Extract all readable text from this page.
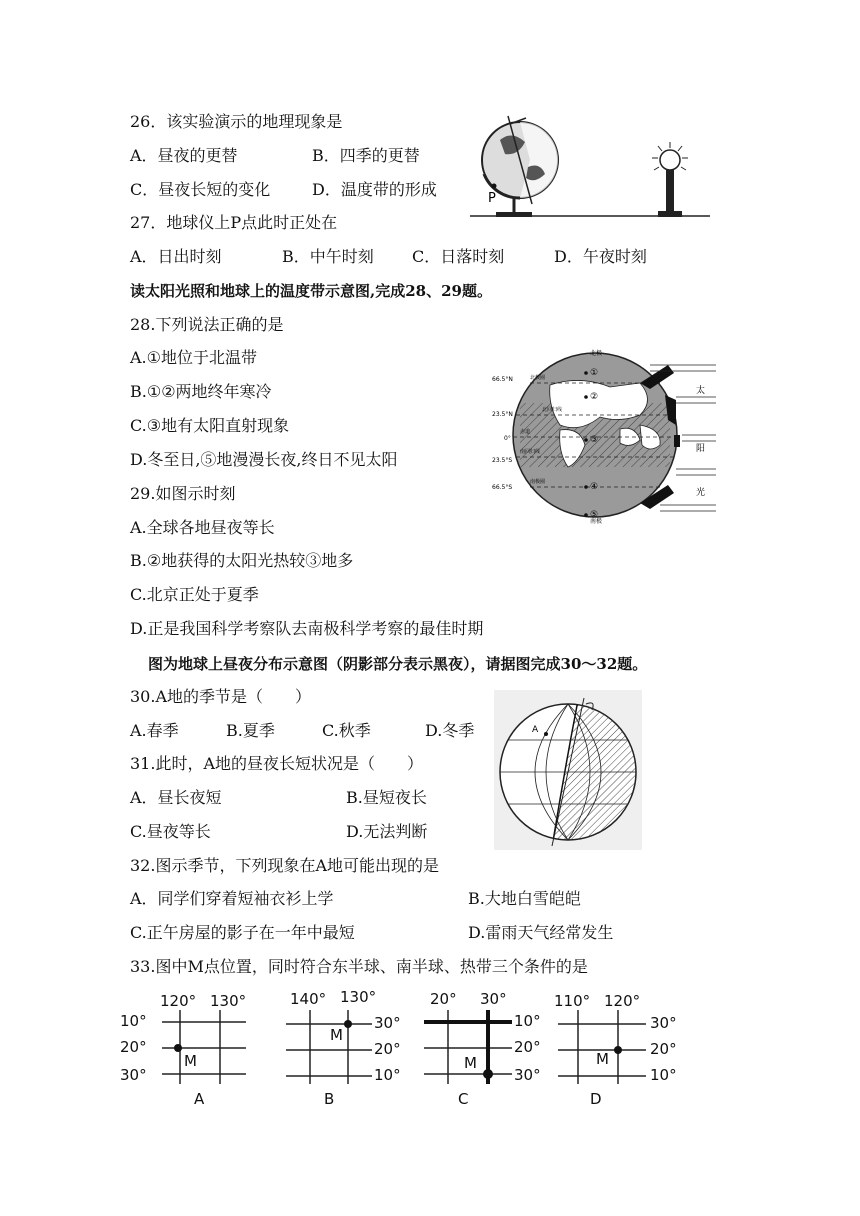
26．该实验演示的地理现象是
A．昼夜的更替	B．四季的更替
C．昼夜长短的变化	D．温度带的形成	P
27．地球仪上P点此时正处在
A．日出时刻	B．中午时刻 C．日落时刻	D．午夜时刻
读太阳光照和地球上的温度带示意图,完成28、29题。
28.下列说法正确的是
A.①地位于北温带
B.①②两地终年寒冷
C.③地有太阳直射现象
D.冬至日,⑤地漫漫长夜,终日不见太阳
北极
南极
66.5°N
23.5°N
0°
23.5°S
66.5°S
北极圈
北回归线
赤道
南回归线
南极圈
①
②
③
④
⑤
太
阳
光
29.如图示时刻
A.全球各地昼夜等长
B.②地获得的太阳光热较③地多
C.北京正处于夏季
D.正是我国科学考察队去南极科学考察的最佳时期
图为地球上昼夜分布示意图（阴影部分表示黑夜），请据图完成30～32题。
30.A地的季节是（　　）
A.春季	B.夏季	C.秋季	D.冬季	A
31.此时，A地的昼夜长短状况是（　　）
A．昼长夜短	B.昼短夜长
C.昼夜等长	D.无法判断
32.图示季节，下列现象在A地可能出现的是
A．同学们穿着短袖衣衫上学	B.大地白雪皑皑
C.正午房屋的影子在一年中最短	D.雷雨天气经常发生
33.图中M点位置，同时符合东半球、南半球、热带三个条件的是
120° 130°
10°
20°
30°
M
A
140° 130°
30°
20°
10°
M
B
20° 30°
10°
20°
30°
M
C
110° 120°
30°
20°
10°
M
D
